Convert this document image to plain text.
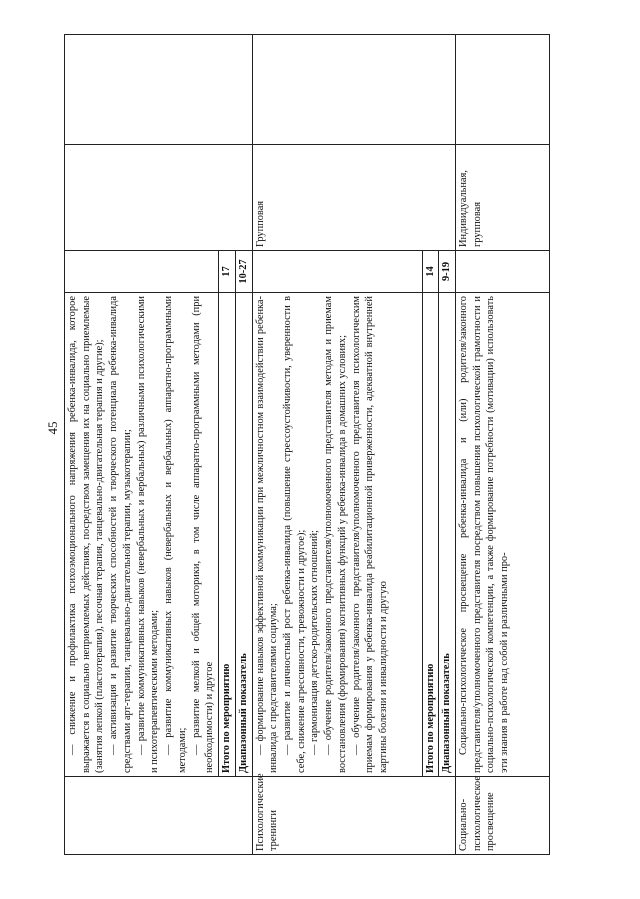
45

	— снижение и профилактика психоэмоционального напряжения ребенка-инвалида, которое выражается в социально неприемлемых действиях, посредством замещения их на социально приемлемые (занятия лепкой (пластотерапия), песочная терапия, танцевально-двигательная терапия и другие); — активизация и развитие творческих способностей и творческого потенциала ребенка-инвалида средствами арт-терапии, танцевально-двигательной терапии, музыкотерапии; — развитие коммуникативных навыков (невербальных и вербальных) различными психологическими и психотерапевтическими методами; — развитие коммуникативных навыков (невербальных и вербальных) аппаратно-программными методами; — развитие мелкой и общей моторики, в том числе аппаратно-программными методами (при необходимости) и другое			

	Итого по мероприятию	17		
	Диапазонный показатель	10-27		
Психологические тренинги	— формирование навыков эффективной коммуникации при межличностном взаимодействии ребенка-инвалида с представителями социума; — развитие и личностный рост ребенка-инвалида (повышение стрессоустойчивости, уверенности в себе, снижение агрессивности, тревожности и другое); — гармонизация детско-родительских отношений; — обучение родителя/законного представителя/уполномоченного представителя методам и приемам восстановления (формирования) когнитивных функций у ребенка-инвалида в домашних условиях; — обучение родителя/законного представителя/уполномоченного представителя психологическим приемам формирования у ребенка-инвалида реабилитационной приверженности, адекватной внутренней картины болезни и инвалидности и другую		Групповая	
	Итого по мероприятию	14		
	Диапазонный показатель	9-19		
Социально-психологическое просвещение	Социально-психологическое просвещение ребенка-инвалида и (или) родителя/законного представителя/уполномоченного представителя посредством повышения психологической грамотности и социально-психологической компетенции, а также формирование потребности (мотивации) использовать эти знания в работе над собой и различными про-		Индивидуальная, групповая	
